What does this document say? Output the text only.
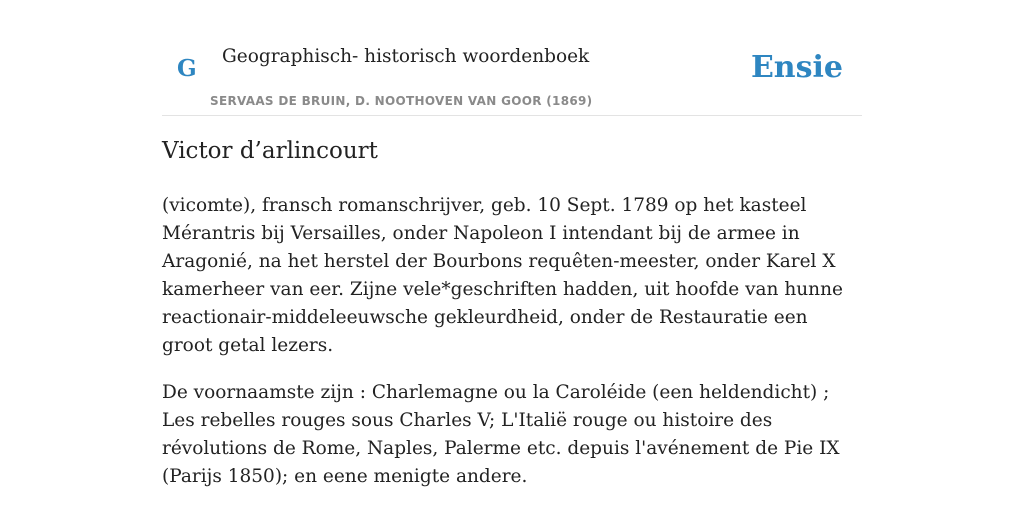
G Geographisch- historisch woordenboek
SERVAAS DE BRUIN, D. NOOTHOVEN VAN GOOR (1869)
Ensie
Victor d’arlincourt

(vicomte), fransch romanschrijver, geb. 10 Sept. 1789 op het kasteel Mérantris bij Versailles, onder Napoleon I intendant bij de armee in Aragonié, na het herstel der Bourbons requêten-meester, onder Karel X kamerheer van eer. Zijne vele*geschriften hadden, uit hoofde van hunne reactionair-middeleeuwsche gekleurdheid, onder de Restauratie een groot getal lezers.

De voornaamste zijn : Charlemagne ou la Caroléide (een heldendicht) ; Les rebelles rouges sous Charles V; L'Italië rouge ou histoire des révolutions de Rome, Naples, Palerme etc. depuis l'avénement de Pie IX (Parijs 1850); en eene menigte andere.
